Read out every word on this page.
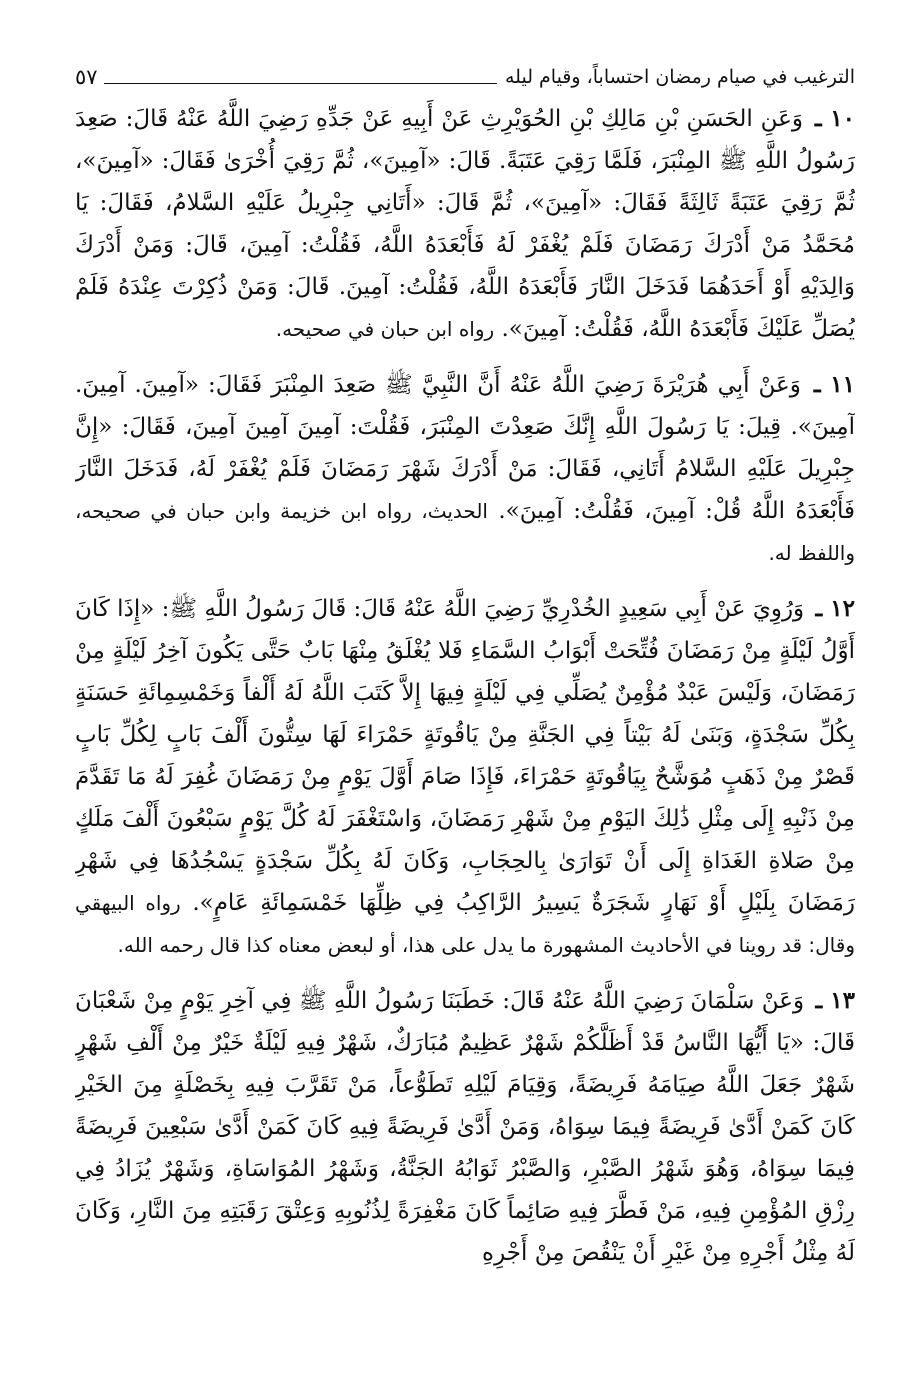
الترغيب في صيام رمضان احتساباً، وقيام ليله
٥٧

١٠ ـ وَعَنِ الحَسَنِ بْنِ مَالِكِ بْنِ الحُوَيْرِثِ عَنْ أَبِيهِ عَنْ جَدِّهِ رَضِيَ اللَّهُ عَنْهُ قَالَ: صَعِدَ رَسُولُ اللَّهِ ﷺ المِنْبَرَ، فَلَمَّا رَقِيَ عَتَبَةً. قَالَ: «آمِينَ»، ثُمَّ رَقِيَ أُخْرَىٰ فَقَالَ: «آمِينَ»، ثُمَّ رَقِيَ عَتَبَةً ثَالِثَةً فَقَالَ: «آمِينَ»، ثُمَّ قَالَ: «أَتَانِي جِبْرِيلُ عَلَيْهِ السَّلامُ، فَقَالَ: يَا مُحَمَّدُ مَنْ أَدْرَكَ رَمَضَانَ فَلَمْ يُغْفَرْ لَهُ فَأَبْعَدَهُ اللَّهُ، فَقُلْتُ: آمِينَ، قَالَ: وَمَنْ أَدْرَكَ وَالِدَيْهِ أَوْ أَحَدَهُمَا فَدَخَلَ النَّارَ فَأَبْعَدَهُ اللَّهُ، فَقُلْتُ: آمِينَ. قَالَ: وَمَنْ ذُكِرْتَ عِنْدَهُ فَلَمْ يُصَلِّ عَلَيْكَ فَأَبْعَدَهُ اللَّهُ، فَقُلْتُ: آمِينَ». رواه ابن حبان في صحيحه.

١١ ـ وَعَنْ أَبِي هُرَيْرَةَ رَضِيَ اللَّهُ عَنْهُ أَنَّ النَّبِيَّ ﷺ صَعِدَ المِنْبَرَ فَقَالَ: «آمِينَ. آمِينَ. آمِينَ». قِيلَ: يَا رَسُولَ اللَّهِ إِنَّكَ صَعِدْتَ المِنْبَرَ، فَقُلْتَ: آمِينَ آمِينَ آمِينَ، فَقَالَ: «إِنَّ جِبْرِيلَ عَلَيْهِ السَّلامُ أَتَانِي، فَقَالَ: مَنْ أَدْرَكَ شَهْرَ رَمَضَانَ فَلَمْ يُغْفَرْ لَهُ، فَدَخَلَ النَّارَ فَأَبْعَدَهُ اللَّهُ قُلْ: آمِينَ، فَقُلْتُ: آمِينَ». الحديث، رواه ابن خزيمة وابن حبان في صحيحه، واللفظ له.

١٢ ـ وَرُوِيَ عَنْ أَبِي سَعِيدٍ الخُدْرِيِّ رَضِيَ اللَّهُ عَنْهُ قَالَ: قَالَ رَسُولُ اللَّهِ ﷺ: «إِذَا كَانَ أَوَّلُ لَيْلَةٍ مِنْ رَمَضَانَ فُتِّحَتْ أَبْوَابُ السَّمَاءِ فَلا يُغْلَقُ مِنْهَا بَابٌ حَتَّى يَكُونَ آخِرُ لَيْلَةٍ مِنْ رَمَضَانَ، وَلَيْسَ عَبْدٌ مُؤْمِنٌ يُصَلِّي فِي لَيْلَةٍ فِيهَا إِلاَّ كَتَبَ اللَّهُ لَهُ أَلْفاً وَخَمْسِمِائَةِ حَسَنَةٍ بِكُلِّ سَجْدَةٍ، وَبَنَىٰ لَهُ بَيْتاً فِي الجَنَّةِ مِنْ يَاقُوتَةٍ حَمْرَاءَ لَهَا سِتُّونَ أَلْفَ بَابٍ لِكُلِّ بَابٍ قَصْرٌ مِنْ ذَهَبٍ مُوَشَّحٌ بِيَاقُوتَةٍ حَمْرَاءَ، فَإِذَا صَامَ أَوَّلَ يَوْمٍ مِنْ رَمَضَانَ غُفِرَ لَهُ مَا تَقَدَّمَ مِنْ ذَنْبِهِ إِلَى مِثْلِ ذَٰلِكَ اليَوْمِ مِنْ شَهْرِ رَمَضَانَ، وَاسْتَغْفَرَ لَهُ كُلَّ يَوْمٍ سَبْعُونَ أَلْفَ مَلَكٍ مِنْ صَلاةِ الغَدَاةِ إِلَى أَنْ تَوَارَىٰ بِالحِجَابِ، وَكَانَ لَهُ بِكُلِّ سَجْدَةٍ يَسْجُدُهَا فِي شَهْرِ رَمَضَانَ بِلَيْلٍ أَوْ نَهَارٍ شَجَرَةٌ يَسِيرُ الرَّاكِبُ فِي ظِلِّهَا خَمْسَمِائَةِ عَامٍ». رواه البيهقي وقال: قد روينا في الأحاديث المشهورة ما يدل على هذا، أو لبعض معناه كذا قال رحمه الله.

١٣ ـ وَعَنْ سَلْمَانَ رَضِيَ اللَّهُ عَنْهُ قَالَ: خَطَبَنَا رَسُولُ اللَّهِ ﷺ فِي آخِرِ يَوْمٍ مِنْ شَعْبَانَ قَالَ: «يَا أَيُّهَا النَّاسُ قَدْ أَظَلَّكُمْ شَهْرٌ عَظِيمٌ مُبَارَكٌ، شَهْرٌ فِيهِ لَيْلَةٌ خَيْرٌ مِنْ أَلْفِ شَهْرٍ شَهْرٌ جَعَلَ اللَّهُ صِيَامَهُ فَرِيضَةً، وَقِيَامَ لَيْلِهِ تَطَوُّعاً، مَنْ تَقَرَّبَ فِيهِ بِخَصْلَةٍ مِنَ الخَيْرِ كَانَ كَمَنْ أَدَّىٰ فَرِيضَةً فِيمَا سِوَاهُ، وَمَنْ أَدَّىٰ فَرِيضَةً فِيهِ كَانَ كَمَنْ أَدَّىٰ سَبْعِينَ فَرِيضَةً فِيمَا سِوَاهُ، وَهُوَ شَهْرُ الصَّبْرِ، وَالصَّبْرُ ثَوَابُهُ الجَنَّةُ، وَشَهْرُ المُوَاسَاةِ، وَشَهْرٌ يُزَادُ فِي رِزْقِ المُؤْمِنِ فِيهِ، مَنْ فَطَّرَ فِيهِ صَائِماً كَانَ مَغْفِرَةً لِذُنُوبِهِ وَعِتْقَ رَقَبَتِهِ مِنَ النَّارِ، وَكَانَ لَهُ مِثْلُ أَجْرِهِ مِنْ غَيْرِ أَنْ يَنْقُصَ مِنْ أَجْرِهِ
